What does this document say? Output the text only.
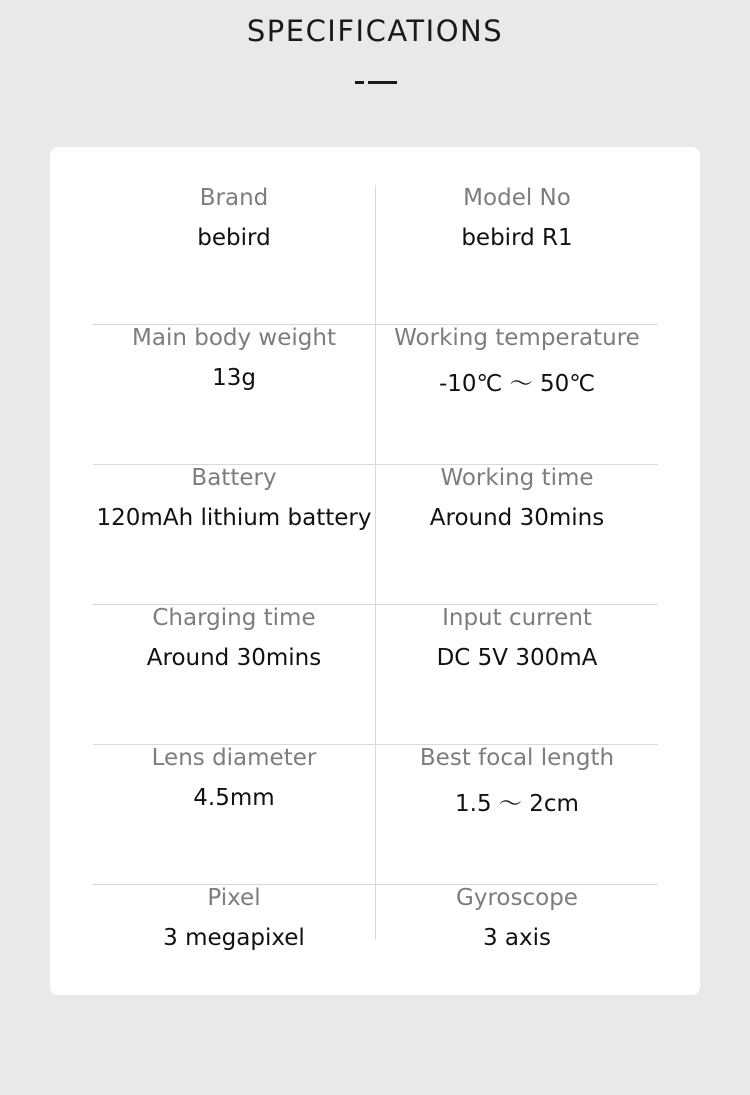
SPECIFICATIONS
Brand
bebird
Model No
bebird R1
Main body weight
13g
Working temperature
-10℃ ～ 50℃
Battery
120mAh lithium battery
Working time
Around 30mins
Charging time
Around 30mins
Input current
DC 5V 300mA
Lens diameter
4.5mm
Best focal length
1.5 ～ 2cm
Pixel
3 megapixel
Gyroscope
3 axis
